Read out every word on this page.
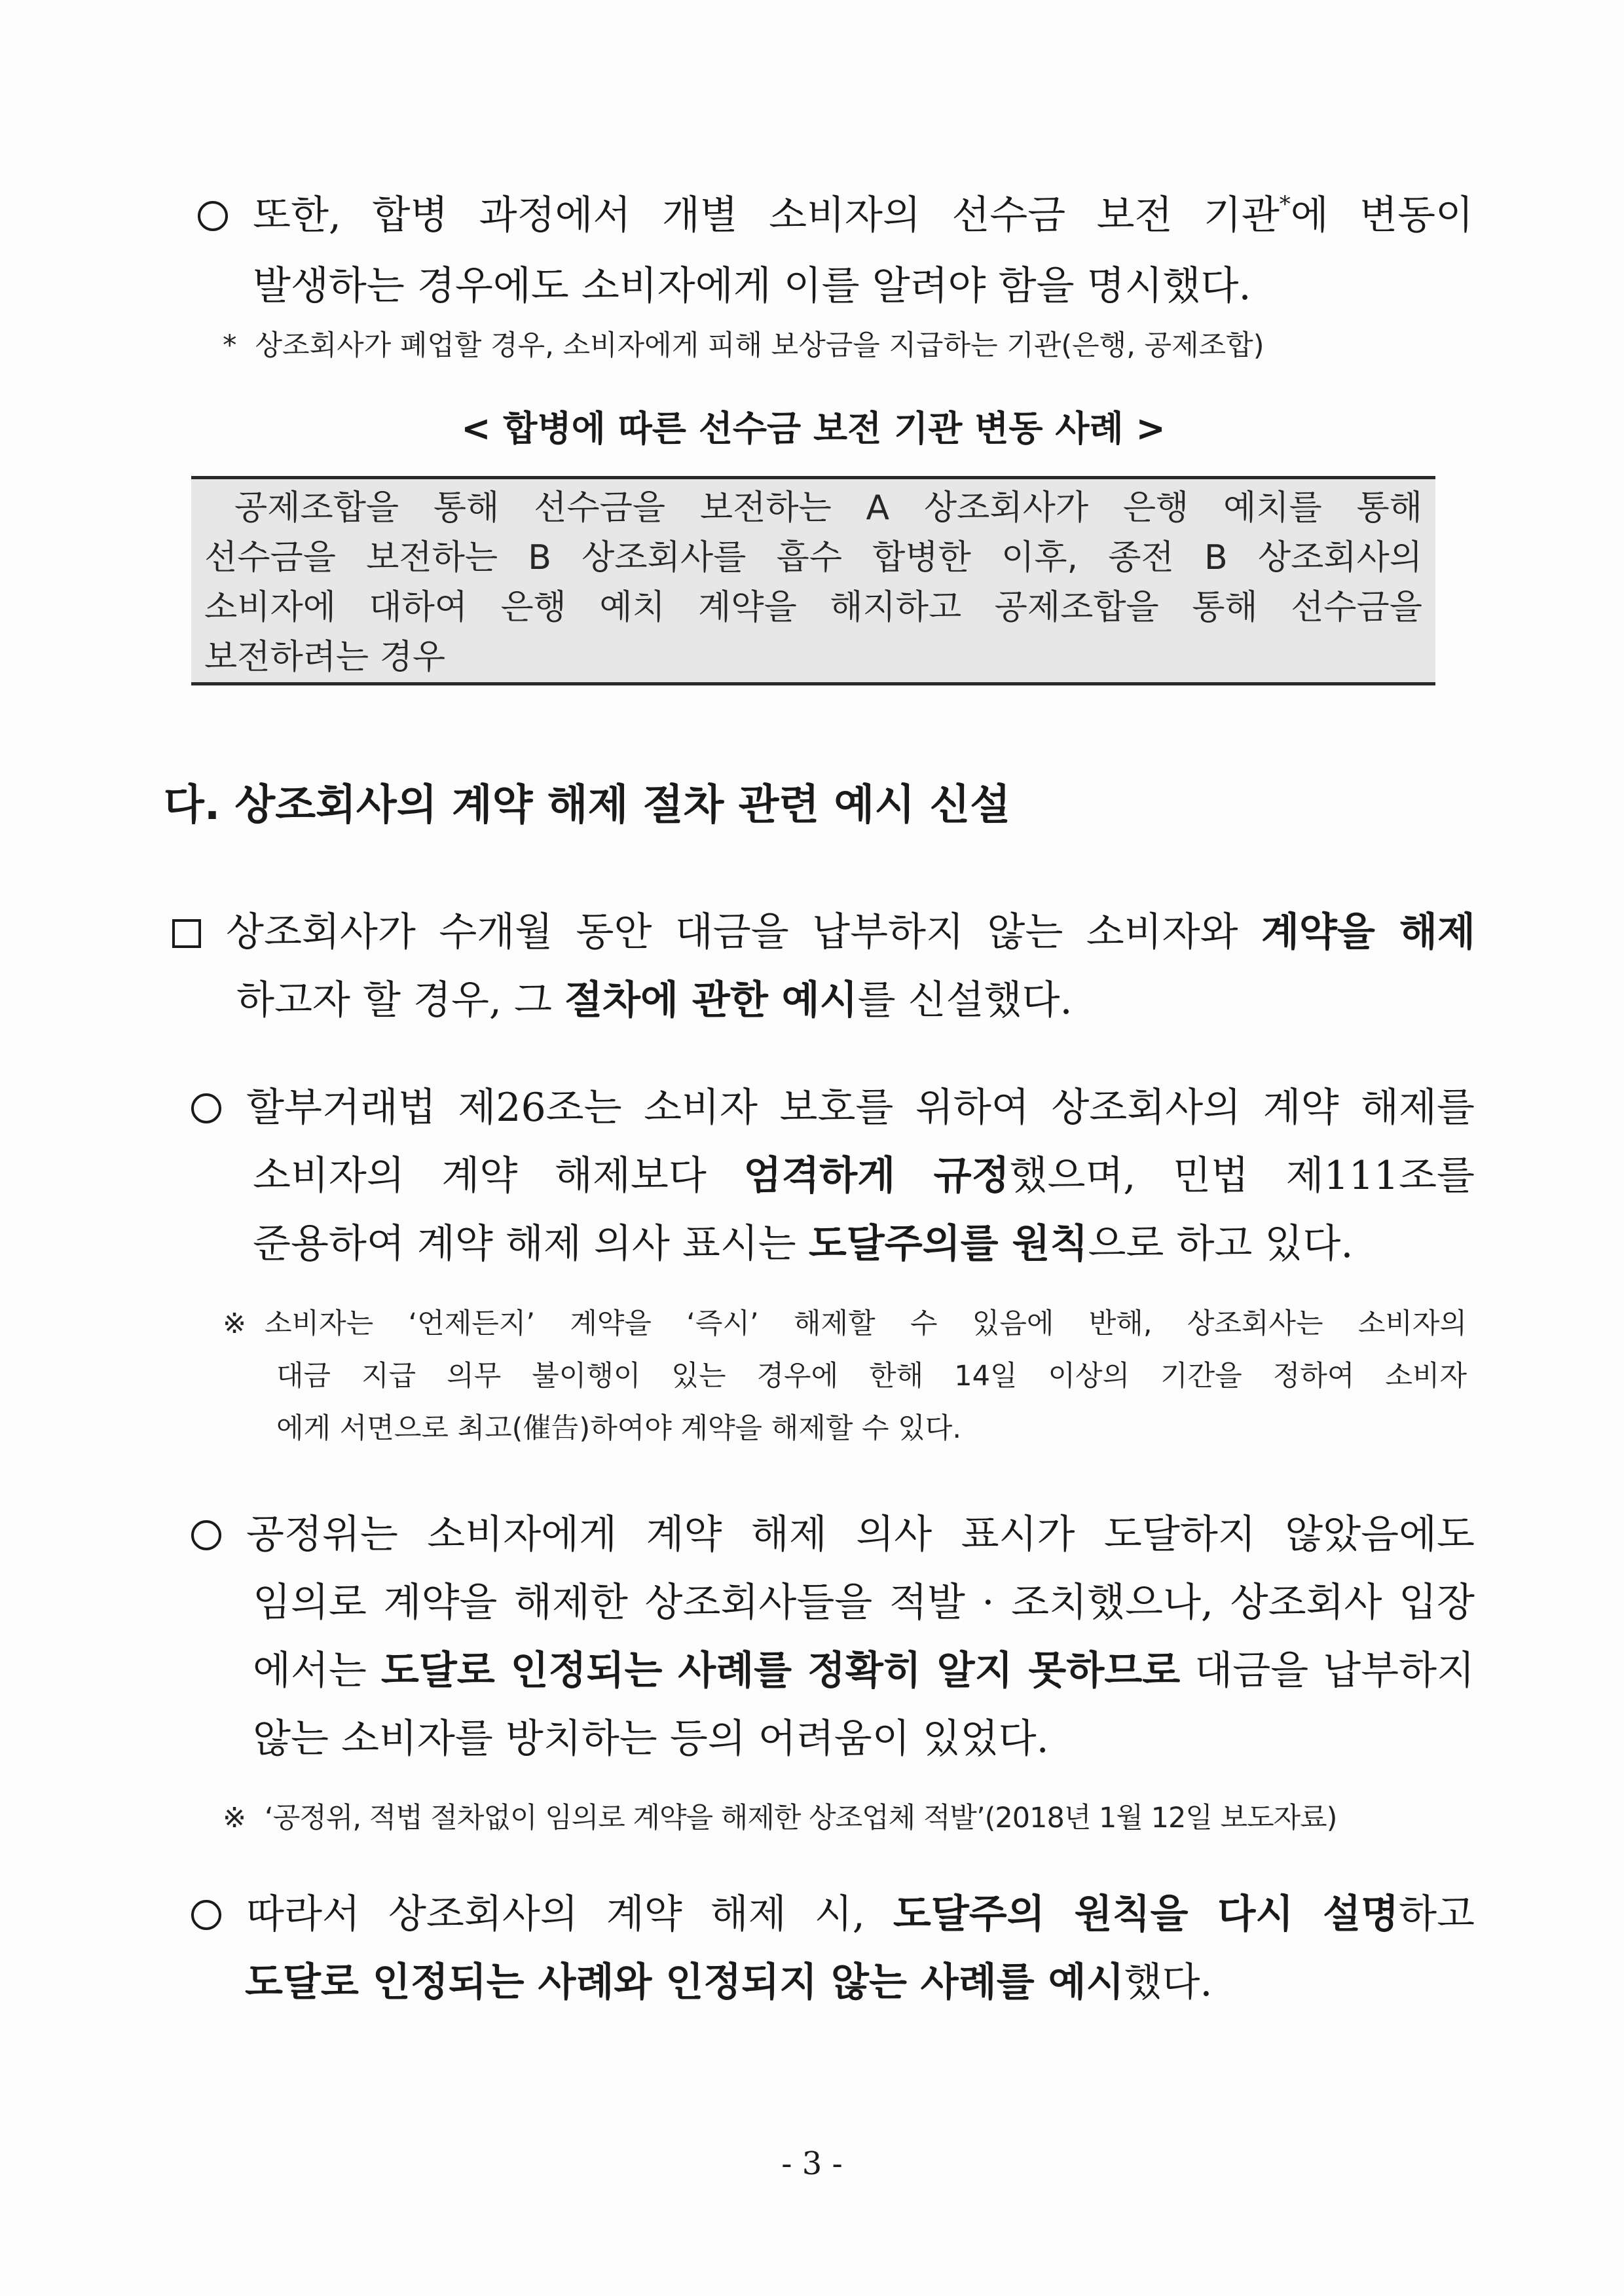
또한, 합병 과정에서 개별 소비자의 선수금 보전 기관*에 변동이
발생하는 경우에도 소비자에게 이를 알려야 함을 명시했다.
* 상조회사가 폐업할 경우, 소비자에게 피해 보상금을 지급하는 기관(은행, 공제조합)
< 합병에 따른 선수금 보전 기관 변동 사례 >
공제조합을 통해 선수금을 보전하는 A 상조회사가 은행 예치를 통해
선수금을 보전하는 B 상조회사를 흡수 합병한 이후, 종전 B 상조회사의
소비자에 대하여 은행 예치 계약을 해지하고 공제조합을 통해 선수금을
보전하려는 경우
다. 상조회사의 계약 해제 절차 관련 예시 신설
상조회사가 수개월 동안 대금을 납부하지 않는 소비자와 계약을 해제
하고자 할 경우, 그 절차에 관한 예시를 신설했다.
할부거래법 제26조는 소비자 보호를 위하여 상조회사의 계약 해제를
소비자의 계약 해제보다 엄격하게 규정했으며, 민법 제111조를
준용하여 계약 해제 의사 표시는 도달주의를 원칙으로 하고 있다.
※ 소비자는 ‘언제든지’ 계약을 ‘즉시’ 해제할 수 있음에 반해, 상조회사는 소비자의
대금 지급 의무 불이행이 있는 경우에 한해 14일 이상의 기간을 정하여 소비자
에게 서면으로 최고(催告)하여야 계약을 해제할 수 있다.
공정위는 소비자에게 계약 해제 의사 표시가 도달하지 않았음에도
임의로 계약을 해제한 상조회사들을 적발 · 조치했으나, 상조회사 입장
에서는 도달로 인정되는 사례를 정확히 알지 못하므로 대금을 납부하지
않는 소비자를 방치하는 등의 어려움이 있었다.
※ ‘공정위, 적법 절차없이 임의로 계약을 해제한 상조업체 적발’(2018년 1월 12일 보도자료)
따라서 상조회사의 계약 해제 시, 도달주의 원칙을 다시 설명하고
도달로 인정되는 사례와 인정되지 않는 사례를 예시했다.
- 3 -
